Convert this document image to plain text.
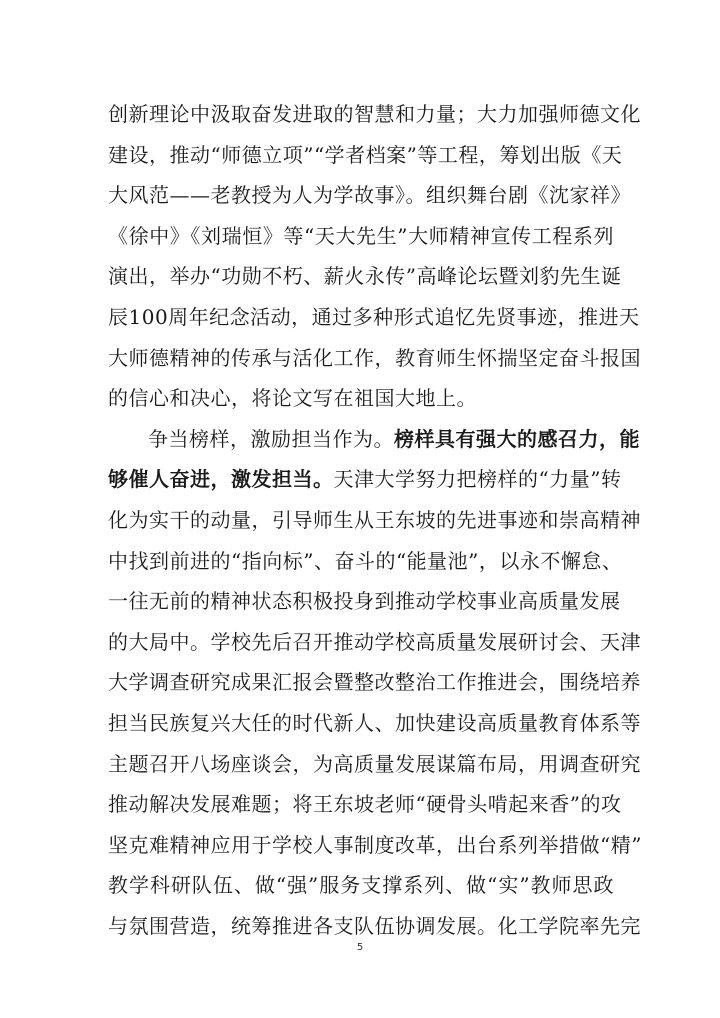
创新理论中汲取奋发进取的智慧和力量；大力加强师德文化
建设，推动“师德立项”“学者档案”等工程，筹划出版《天
大风范——老教授为人为学故事》。组织舞台剧《沈家祥》
《徐中》《刘瑞恒》等“天大先生”大师精神宣传工程系列
演出，举办“功勋不朽、薪火永传”高峰论坛暨刘豹先生诞
辰100周年纪念活动，通过多种形式追忆先贤事迹，推进天
大师德精神的传承与活化工作，教育师生怀揣坚定奋斗报国
的信心和决心，将论文写在祖国大地上。
争当榜样，激励担当作为。榜样具有强大的感召力，能
够催人奋进，激发担当。天津大学努力把榜样的“力量”转
化为实干的动量，引导师生从王东坡的先进事迹和崇高精神
中找到前进的“指向标”、奋斗的“能量池”，以永不懈怠、
一往无前的精神状态积极投身到推动学校事业高质量发展
的大局中。学校先后召开推动学校高质量发展研讨会、天津
大学调查研究成果汇报会暨整改整治工作推进会，围绕培养
担当民族复兴大任的时代新人、加快建设高质量教育体系等
主题召开八场座谈会，为高质量发展谋篇布局，用调查研究
推动解决发展难题；将王东坡老师“硬骨头啃起来香”的攻
坚克难精神应用于学校人事制度改革，出台系列举措做“精”
教学科研队伍、做“强”服务支撑系列、做“实”教师思政
与氛围营造，统筹推进各支队伍协调发展。化工学院率先完
5
